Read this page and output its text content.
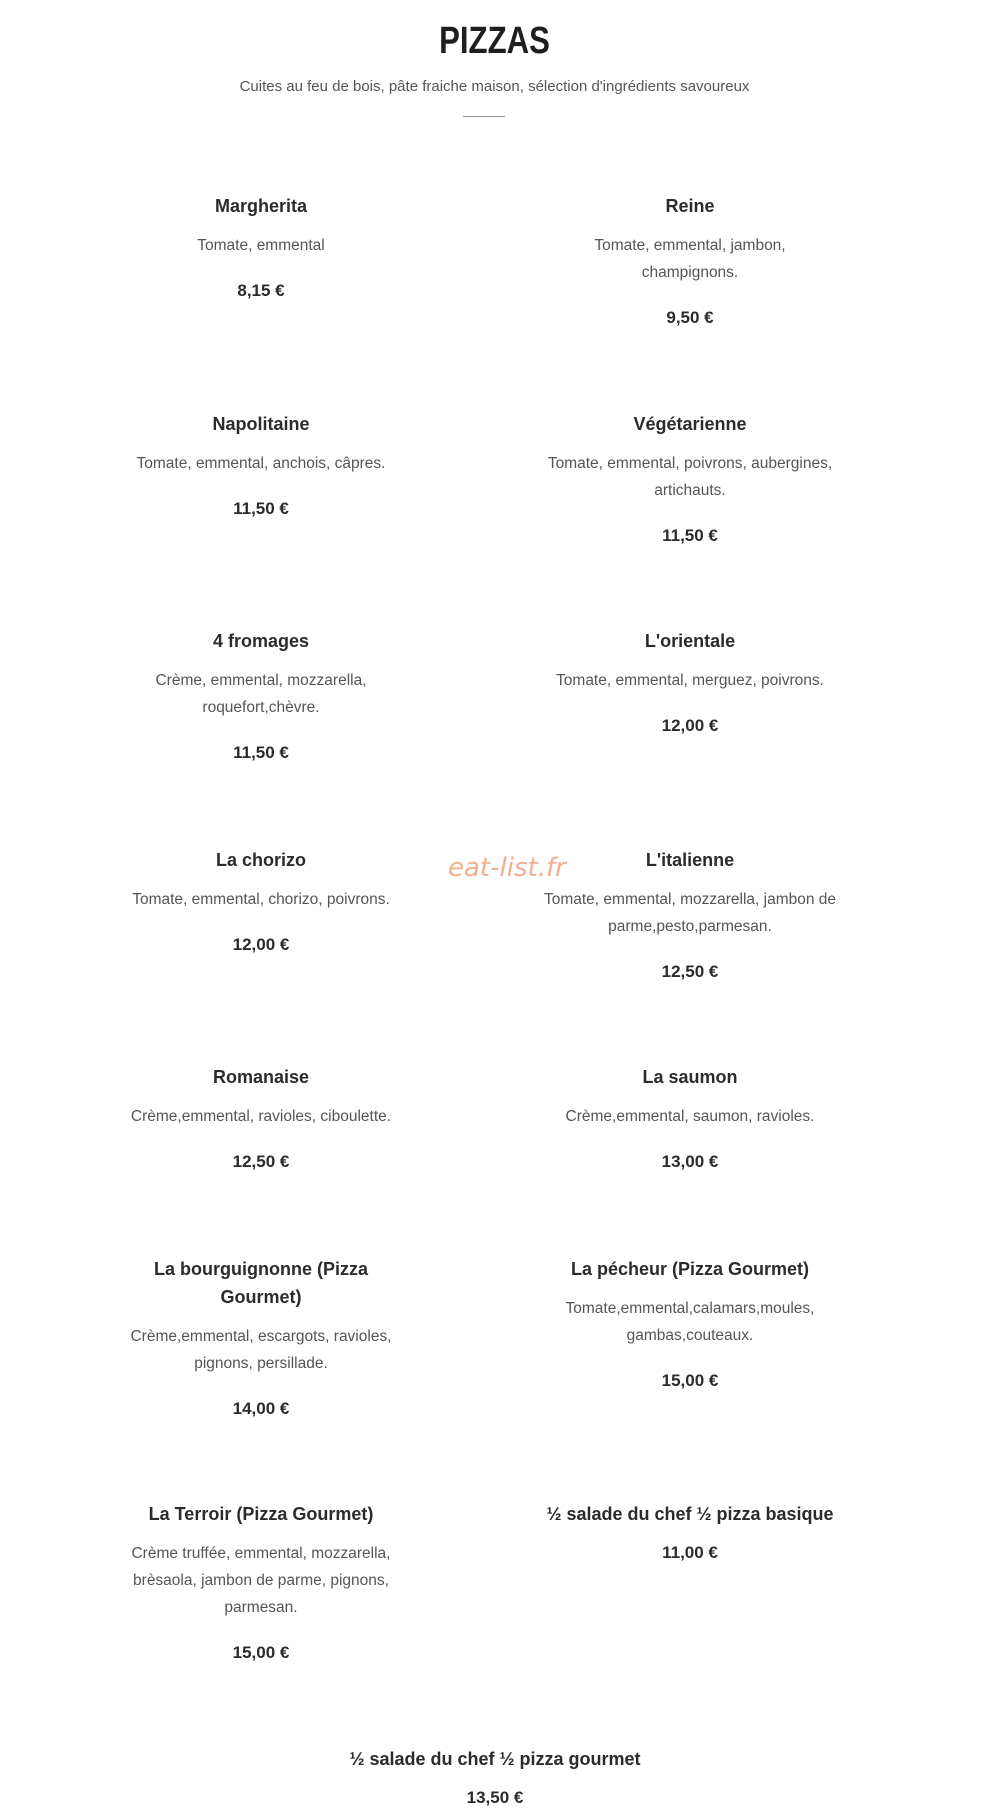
PIZZAS
Cuites au feu de bois, pâte fraiche maison, sélection d'ingrédients savoureux
eat-list.fr
Margherita
Tomate, emmental
8,15 €
Reine
Tomate, emmental, jambon, champignons.
9,50 €
Napolitaine
Tomate, emmental, anchois, câpres.
11,50 €
Végétarienne
Tomate, emmental, poivrons, aubergines, artichauts.
11,50 €
4 fromages
Crème, emmental, mozzarella, roquefort,chèvre.
11,50 €
L'orientale
Tomate, emmental, merguez, poivrons.
12,00 €
La chorizo
Tomate, emmental, chorizo, poivrons.
12,00 €
L'italienne
Tomate, emmental, mozzarella, jambon de parme,pesto,parmesan.
12,50 €
Romanaise
Crème,emmental, ravioles, ciboulette.
12,50 €
La saumon
Crème,emmental, saumon, ravioles.
13,00 €
La bourguignonne (Pizza Gourmet)
Crème,emmental, escargots, ravioles, pignons, persillade.
14,00 €
La pécheur (Pizza Gourmet)
Tomate,emmental,calamars,moules, gambas,couteaux.
15,00 €
La Terroir (Pizza Gourmet)
Crème truffée, emmental, mozzarella, brèsaola, jambon de parme, pignons, parmesan.
15,00 €
½ salade du chef ½ pizza basique
11,00 €
½ salade du chef ½ pizza gourmet
13,50 €
